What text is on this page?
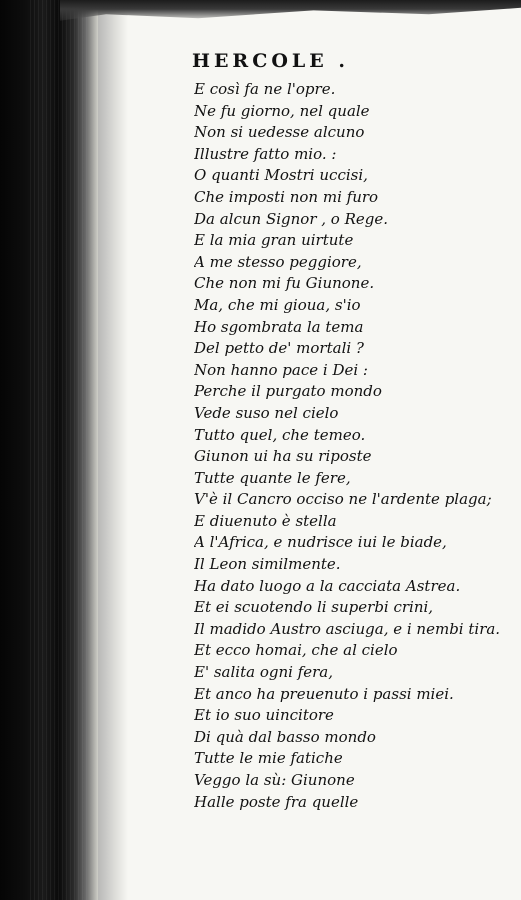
HERCOLE .
E così fa ne l'opre.
Ne fu giorno, nel quale
Non si uedesse alcuno
Illustre fatto mio. :
O quanti Mostri uccisi,
Che imposti non mi furo
Da alcun Signor , o Rege.
E la mia gran uirtute
A me stesso peggiore,
Che non mi fu Giunone.
Ma, che mi gioua, s'io
Ho sgombrata la tema
Del petto de' mortali ?
Non hanno pace i Dei :
Perche il purgato mondo
Vede suso nel cielo
Tutto quel, che temeo.
Giunon ui ha su riposte
Tutte quante le fere,
V'è il Cancro occiso ne l'ardente plaga;
E diuenuto è stella
A l'Africa, e nudrisce iui le biade,
Il Leon similmente.
Ha dato luogo a la cacciata Astrea.
Et ei scuotendo li superbi crini,
Il madido Austro asciuga, e i nembi tira.
Et ecco homai, che al cielo
E' salita ogni fera,
Et anco ha preuenuto i passi miei.
Et io suo uincitore
Di quà dal basso mondo
Tutte le mie fatiche
Veggo la sù: Giunone
Halle poste fra quelle
